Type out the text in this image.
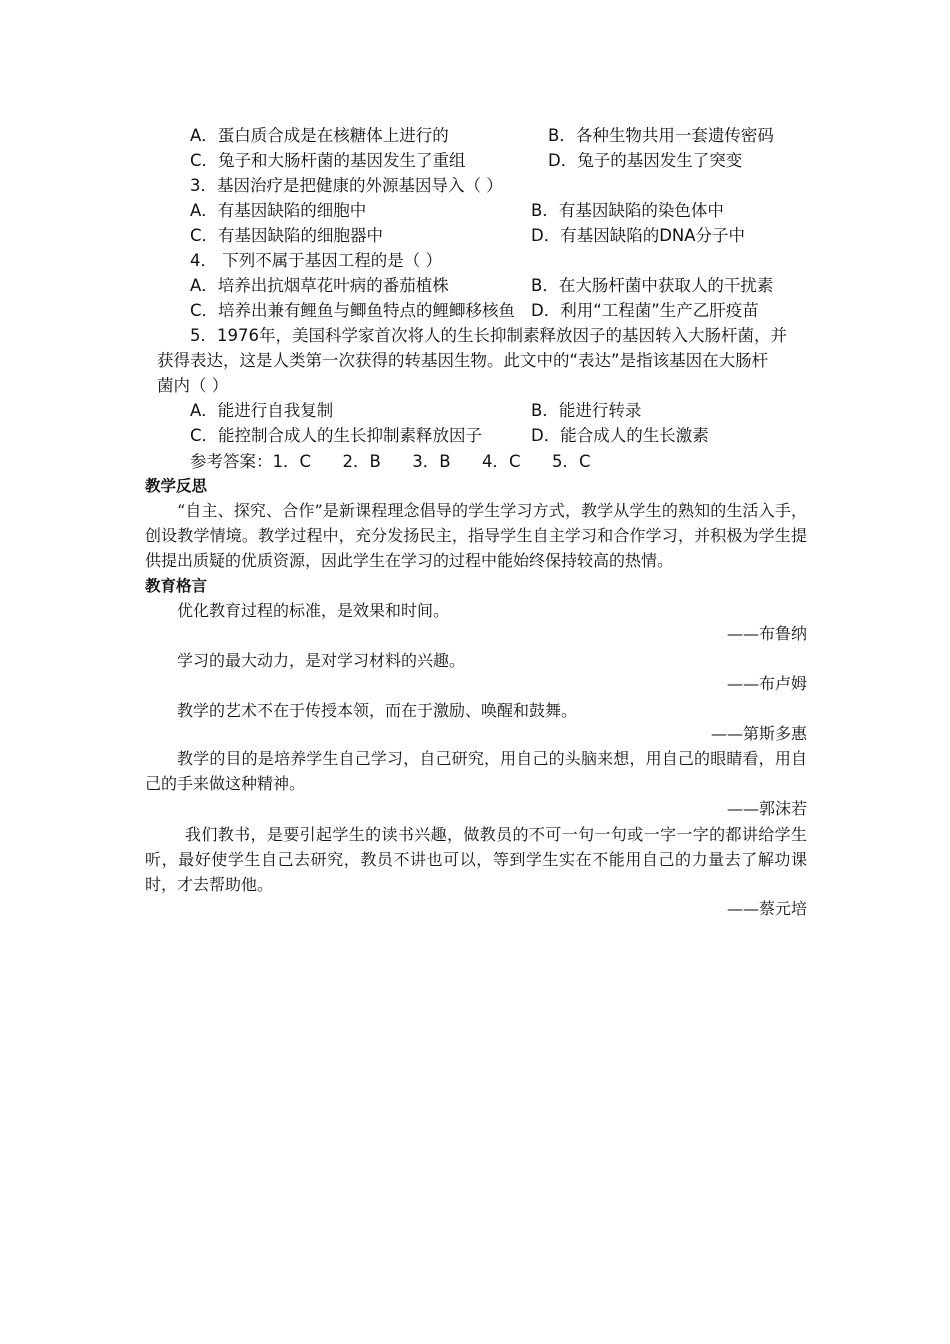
A．蛋白质合成是在核糖体上进行的	B．各种生物共用一套遗传密码
C．兔子和大肠杆菌的基因发生了重组	D．兔子的基因发生了突变
3．基因治疗是把健康的外源基因导入（ ）
A．有基因缺陷的细胞中	B．有基因缺陷的染色体中
C．有基因缺陷的细胞器中	D．有基因缺陷的DNA分子中
4． 下列不属于基因工程的是（ ）
A．培养出抗烟草花叶病的番茄植株	B．在大肠杆菌中获取人的干扰素
C．培养出兼有鲤鱼与鲫鱼特点的鲤鲫移核鱼 D．利用“工程菌”生产乙肝疫苗
5．1976年，美国科学家首次将人的生长抑制素释放因子的基因转入大肠杆菌，并
获得表达，这是人类第一次获得的转基因生物。此文中的“表达”是指该基因在大肠杆
菌内（ ）
A．能进行自我复制	B．能进行转录
C．能控制合成人的生长抑制素释放因子	D．能合成人的生长激素
参考答案：1．C      2．B      3．B      4．C      5．C
教学反思
“自主、探究、合作”是新课程理念倡导的学生学习方式，教学从学生的熟知的生活入手，创设教学情境。教学过程中，充分发扬民主，指导学生自主学习和合作学习，并积极为学生提供提出质疑的优质资源，因此学生在学习的过程中能始终保持较高的热情。
教育格言
优化教育过程的标准，是效果和时间。
——布鲁纳
学习的最大动力，是对学习材料的兴趣。
——布卢姆
教学的艺术不在于传授本领，而在于激励、唤醒和鼓舞。
——第斯多惠
教学的目的是培养学生自己学习，自己研究，用自己的头脑来想，用自己的眼睛看，用自己的手来做这种精神。
——郭沫若
我们教书，是要引起学生的读书兴趣，做教员的不可一句一句或一字一字的都讲给学生听，最好使学生自己去研究，教员不讲也可以，等到学生实在不能用自己的力量去了解功课时，才去帮助他。
——蔡元培
